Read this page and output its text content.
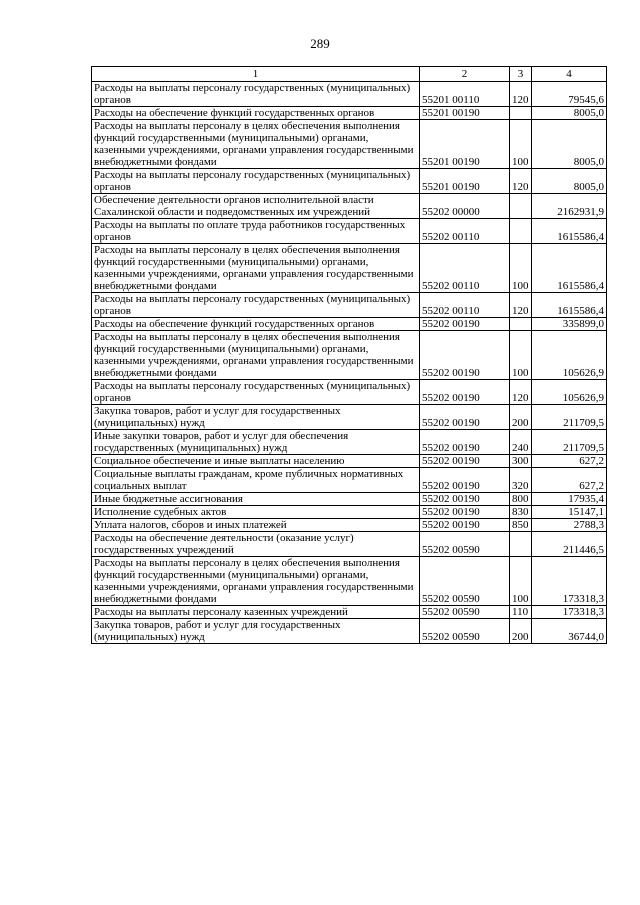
289
1	2	3	4
Расходы на выплаты персоналу государственных (муниципальных) органов	55201 00110	120	79545,6
Расходы на обеспечение функций государственных органов	55201 00190		8005,0
Расходы на выплаты персоналу в целях обеспечения выполнения функций государственными (муниципальными) органами, казенными учреждениями, органами управления государственными внебюджетными фондами	55201 00190	100	8005,0
Расходы на выплаты персоналу государственных (муниципальных) органов	55201 00190	120	8005,0
Обеспечение деятельности органов исполнительной власти Сахалинской области и подведомственных им учреждений	55202 00000		2162931,9
Расходы на выплаты по оплате труда работников государственных органов	55202 00110		1615586,4
Расходы на выплаты персоналу в целях обеспечения выполнения функций государственными (муниципальными) органами, казенными учреждениями, органами управления государственными внебюджетными фондами	55202 00110	100	1615586,4
Расходы на выплаты персоналу государственных (муниципальных) органов	55202 00110	120	1615586,4
Расходы на обеспечение функций государственных органов	55202 00190		335899,0
Расходы на выплаты персоналу в целях обеспечения выполнения функций государственными (муниципальными) органами, казенными учреждениями, органами управления государственными внебюджетными фондами	55202 00190	100	105626,9
Расходы на выплаты персоналу государственных (муниципальных) органов	55202 00190	120	105626,9
Закупка товаров, работ и услуг для государственных (муниципальных) нужд	55202 00190	200	211709,5
Иные закупки товаров, работ и услуг для обеспечения государственных (муниципальных) нужд	55202 00190	240	211709,5
Социальное обеспечение и иные выплаты населению	55202 00190	300	627,2
Социальные выплаты гражданам, кроме публичных нормативных социальных выплат	55202 00190	320	627,2
Иные бюджетные ассигнования	55202 00190	800	17935,4
Исполнение судебных актов	55202 00190	830	15147,1
Уплата налогов, сборов и иных платежей	55202 00190	850	2788,3
Расходы на обеспечение деятельности (оказание услуг) государственных учреждений	55202 00590		211446,5
Расходы на выплаты персоналу в целях обеспечения выполнения функций государственными (муниципальными) органами, казенными учреждениями, органами управления государственными внебюджетными фондами	55202 00590	100	173318,3
Расходы на выплаты персоналу казенных учреждений	55202 00590	110	173318,3
Закупка товаров, работ и услуг для государственных (муниципальных) нужд	55202 00590	200	36744,0
